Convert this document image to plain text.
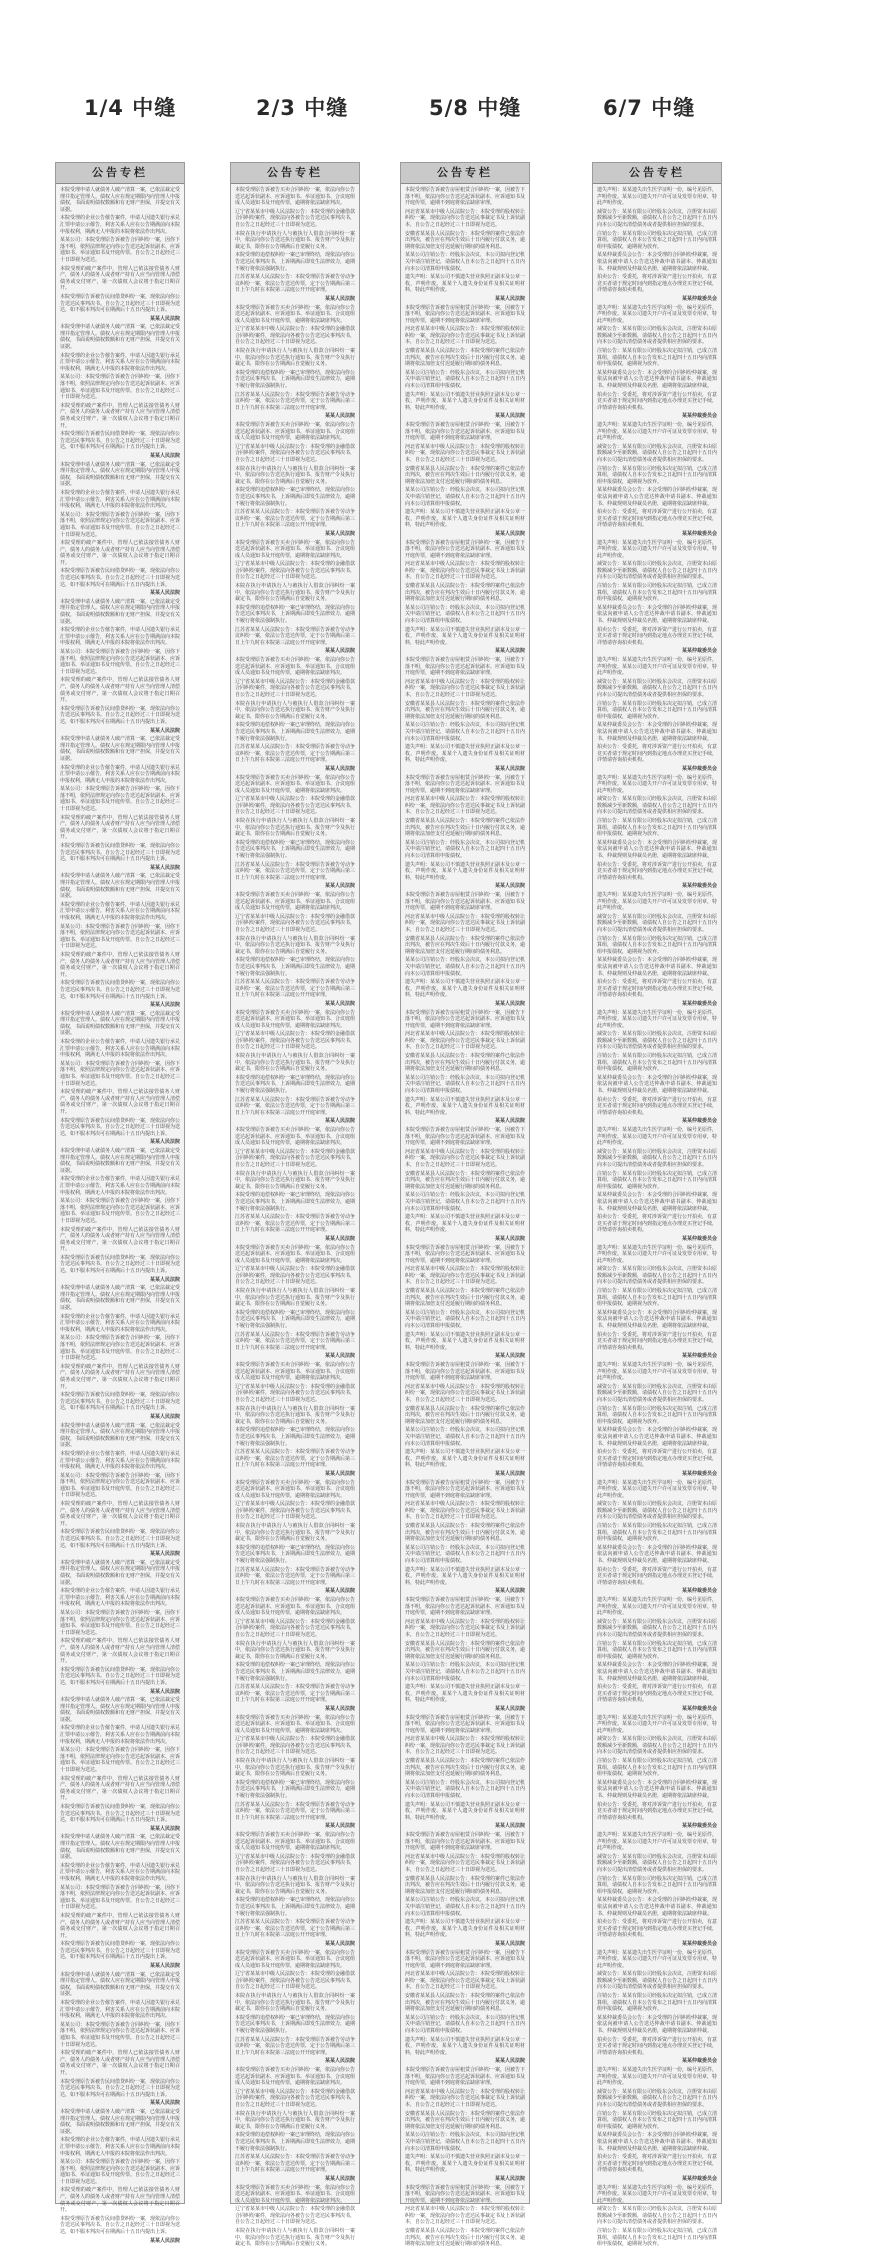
1/4 中缝	2/3 中缝	5/8 中缝	6/7 中缝
公告专栏

本院受理申请人就债务人破产清算一案，已依法裁定受理并指定管理人。债权人应在规定期限内向管理人申报债权，书面说明债权数额和有无财产担保，并提交有关证据。

本院受理的企业公告催告案件，申请人因遗失银行承兑汇票申请公示催告，利害关系人应在公告期满前向本院申报权利，期满无人申报的本院将依法作出判决。

某某公司：本院受理原告诉被告合同纠纷一案，因你下落不明，依照法律规定向你公告送达起诉状副本、应诉通知书、举证通知书及开庭传票。自公告之日起经过三十日即视为送达。

本院受理的破产案件中，管理人已依法接管债务人财产，债务人的债务人或者财产持有人应当向管理人清偿债务或交付财产，第一次债权人会议将于指定日期召开。

本院受理原告诉被告民间借贷纠纷一案，现依法向你公告送达民事判决书。自公告之日起经过三十日即视为送达，如不服本判决可在期满后十五日内提出上诉。

某某人民法院

本院受理申请人就债务人破产清算一案，已依法裁定受理并指定管理人。债权人应在规定期限内向管理人申报债权，书面说明债权数额和有无财产担保，并提交有关证据。

本院受理的企业公告催告案件，申请人因遗失银行承兑汇票申请公示催告，利害关系人应在公告期满前向本院申报权利，期满无人申报的本院将依法作出判决。

某某公司：本院受理原告诉被告合同纠纷一案，因你下落不明，依照法律规定向你公告送达起诉状副本、应诉通知书、举证通知书及开庭传票。自公告之日起经过三十日即视为送达。

本院受理的破产案件中，管理人已依法接管债务人财产，债务人的债务人或者财产持有人应当向管理人清偿债务或交付财产，第一次债权人会议将于指定日期召开。

本院受理原告诉被告民间借贷纠纷一案，现依法向你公告送达民事判决书。自公告之日起经过三十日即视为送达，如不服本判决可在期满后十五日内提出上诉。

某某人民法院

本院受理申请人就债务人破产清算一案，已依法裁定受理并指定管理人。债权人应在规定期限内向管理人申报债权，书面说明债权数额和有无财产担保，并提交有关证据。

本院受理的企业公告催告案件，申请人因遗失银行承兑汇票申请公示催告，利害关系人应在公告期满前向本院申报权利，期满无人申报的本院将依法作出判决。

某某公司：本院受理原告诉被告合同纠纷一案，因你下落不明，依照法律规定向你公告送达起诉状副本、应诉通知书、举证通知书及开庭传票。自公告之日起经过三十日即视为送达。

本院受理的破产案件中，管理人已依法接管债务人财产，债务人的债务人或者财产持有人应当向管理人清偿债务或交付财产，第一次债权人会议将于指定日期召开。

本院受理原告诉被告民间借贷纠纷一案，现依法向你公告送达民事判决书。自公告之日起经过三十日即视为送达，如不服本判决可在期满后十五日内提出上诉。

某某人民法院

本院受理申请人就债务人破产清算一案，已依法裁定受理并指定管理人。债权人应在规定期限内向管理人申报债权，书面说明债权数额和有无财产担保，并提交有关证据。

本院受理的企业公告催告案件，申请人因遗失银行承兑汇票申请公示催告，利害关系人应在公告期满前向本院申报权利，期满无人申报的本院将依法作出判决。

某某公司：本院受理原告诉被告合同纠纷一案，因你下落不明，依照法律规定向你公告送达起诉状副本、应诉通知书、举证通知书及开庭传票。自公告之日起经过三十日即视为送达。

本院受理的破产案件中，管理人已依法接管债务人财产，债务人的债务人或者财产持有人应当向管理人清偿债务或交付财产，第一次债权人会议将于指定日期召开。

本院受理原告诉被告民间借贷纠纷一案，现依法向你公告送达民事判决书。自公告之日起经过三十日即视为送达，如不服本判决可在期满后十五日内提出上诉。

某某人民法院

本院受理申请人就债务人破产清算一案，已依法裁定受理并指定管理人。债权人应在规定期限内向管理人申报债权，书面说明债权数额和有无财产担保，并提交有关证据。

本院受理的企业公告催告案件，申请人因遗失银行承兑汇票申请公示催告，利害关系人应在公告期满前向本院申报权利，期满无人申报的本院将依法作出判决。

某某公司：本院受理原告诉被告合同纠纷一案，因你下落不明，依照法律规定向你公告送达起诉状副本、应诉通知书、举证通知书及开庭传票。自公告之日起经过三十日即视为送达。

本院受理的破产案件中，管理人已依法接管债务人财产，债务人的债务人或者财产持有人应当向管理人清偿债务或交付财产，第一次债权人会议将于指定日期召开。

本院受理原告诉被告民间借贷纠纷一案，现依法向你公告送达民事判决书。自公告之日起经过三十日即视为送达，如不服本判决可在期满后十五日内提出上诉。

某某人民法院

本院受理申请人就债务人破产清算一案，已依法裁定受理并指定管理人。债权人应在规定期限内向管理人申报债权，书面说明债权数额和有无财产担保，并提交有关证据。

本院受理的企业公告催告案件，申请人因遗失银行承兑汇票申请公示催告，利害关系人应在公告期满前向本院申报权利，期满无人申报的本院将依法作出判决。

某某公司：本院受理原告诉被告合同纠纷一案，因你下落不明，依照法律规定向你公告送达起诉状副本、应诉通知书、举证通知书及开庭传票。自公告之日起经过三十日即视为送达。

本院受理的破产案件中，管理人已依法接管债务人财产，债务人的债务人或者财产持有人应当向管理人清偿债务或交付财产，第一次债权人会议将于指定日期召开。

本院受理原告诉被告民间借贷纠纷一案，现依法向你公告送达民事判决书。自公告之日起经过三十日即视为送达，如不服本判决可在期满后十五日内提出上诉。

某某人民法院

本院受理申请人就债务人破产清算一案，已依法裁定受理并指定管理人。债权人应在规定期限内向管理人申报债权，书面说明债权数额和有无财产担保，并提交有关证据。

本院受理的企业公告催告案件，申请人因遗失银行承兑汇票申请公示催告，利害关系人应在公告期满前向本院申报权利，期满无人申报的本院将依法作出判决。

某某公司：本院受理原告诉被告合同纠纷一案，因你下落不明，依照法律规定向你公告送达起诉状副本、应诉通知书、举证通知书及开庭传票。自公告之日起经过三十日即视为送达。

本院受理的破产案件中，管理人已依法接管债务人财产，债务人的债务人或者财产持有人应当向管理人清偿债务或交付财产，第一次债权人会议将于指定日期召开。

本院受理原告诉被告民间借贷纠纷一案，现依法向你公告送达民事判决书。自公告之日起经过三十日即视为送达，如不服本判决可在期满后十五日内提出上诉。

某某人民法院

本院受理申请人就债务人破产清算一案，已依法裁定受理并指定管理人。债权人应在规定期限内向管理人申报债权，书面说明债权数额和有无财产担保，并提交有关证据。

本院受理的企业公告催告案件，申请人因遗失银行承兑汇票申请公示催告，利害关系人应在公告期满前向本院申报权利，期满无人申报的本院将依法作出判决。

某某公司：本院受理原告诉被告合同纠纷一案，因你下落不明，依照法律规定向你公告送达起诉状副本、应诉通知书、举证通知书及开庭传票。自公告之日起经过三十日即视为送达。

本院受理的破产案件中，管理人已依法接管债务人财产，债务人的债务人或者财产持有人应当向管理人清偿债务或交付财产，第一次债权人会议将于指定日期召开。

本院受理原告诉被告民间借贷纠纷一案，现依法向你公告送达民事判决书。自公告之日起经过三十日即视为送达，如不服本判决可在期满后十五日内提出上诉。

某某人民法院

本院受理申请人就债务人破产清算一案，已依法裁定受理并指定管理人。债权人应在规定期限内向管理人申报债权，书面说明债权数额和有无财产担保，并提交有关证据。

本院受理的企业公告催告案件，申请人因遗失银行承兑汇票申请公示催告，利害关系人应在公告期满前向本院申报权利，期满无人申报的本院将依法作出判决。

某某公司：本院受理原告诉被告合同纠纷一案，因你下落不明，依照法律规定向你公告送达起诉状副本、应诉通知书、举证通知书及开庭传票。自公告之日起经过三十日即视为送达。

本院受理的破产案件中，管理人已依法接管债务人财产，债务人的债务人或者财产持有人应当向管理人清偿债务或交付财产，第一次债权人会议将于指定日期召开。

本院受理原告诉被告民间借贷纠纷一案，现依法向你公告送达民事判决书。自公告之日起经过三十日即视为送达，如不服本判决可在期满后十五日内提出上诉。

某某人民法院

本院受理申请人就债务人破产清算一案，已依法裁定受理并指定管理人。债权人应在规定期限内向管理人申报债权，书面说明债权数额和有无财产担保，并提交有关证据。

本院受理的企业公告催告案件，申请人因遗失银行承兑汇票申请公示催告，利害关系人应在公告期满前向本院申报权利，期满无人申报的本院将依法作出判决。

某某公司：本院受理原告诉被告合同纠纷一案，因你下落不明，依照法律规定向你公告送达起诉状副本、应诉通知书、举证通知书及开庭传票。自公告之日起经过三十日即视为送达。

本院受理的破产案件中，管理人已依法接管债务人财产，债务人的债务人或者财产持有人应当向管理人清偿债务或交付财产，第一次债权人会议将于指定日期召开。

本院受理原告诉被告民间借贷纠纷一案，现依法向你公告送达民事判决书。自公告之日起经过三十日即视为送达，如不服本判决可在期满后十五日内提出上诉。

某某人民法院

本院受理申请人就债务人破产清算一案，已依法裁定受理并指定管理人。债权人应在规定期限内向管理人申报债权，书面说明债权数额和有无财产担保，并提交有关证据。

本院受理的企业公告催告案件，申请人因遗失银行承兑汇票申请公示催告，利害关系人应在公告期满前向本院申报权利，期满无人申报的本院将依法作出判决。

某某公司：本院受理原告诉被告合同纠纷一案，因你下落不明，依照法律规定向你公告送达起诉状副本、应诉通知书、举证通知书及开庭传票。自公告之日起经过三十日即视为送达。

本院受理的破产案件中，管理人已依法接管债务人财产，债务人的债务人或者财产持有人应当向管理人清偿债务或交付财产，第一次债权人会议将于指定日期召开。

本院受理原告诉被告民间借贷纠纷一案，现依法向你公告送达民事判决书。自公告之日起经过三十日即视为送达，如不服本判决可在期满后十五日内提出上诉。

某某人民法院

本院受理申请人就债务人破产清算一案，已依法裁定受理并指定管理人。债权人应在规定期限内向管理人申报债权，书面说明债权数额和有无财产担保，并提交有关证据。

本院受理的企业公告催告案件，申请人因遗失银行承兑汇票申请公示催告，利害关系人应在公告期满前向本院申报权利，期满无人申报的本院将依法作出判决。

某某公司：本院受理原告诉被告合同纠纷一案，因你下落不明，依照法律规定向你公告送达起诉状副本、应诉通知书、举证通知书及开庭传票。自公告之日起经过三十日即视为送达。

本院受理的破产案件中，管理人已依法接管债务人财产，债务人的债务人或者财产持有人应当向管理人清偿债务或交付财产，第一次债权人会议将于指定日期召开。

本院受理原告诉被告民间借贷纠纷一案，现依法向你公告送达民事判决书。自公告之日起经过三十日即视为送达，如不服本判决可在期满后十五日内提出上诉。

某某人民法院

本院受理申请人就债务人破产清算一案，已依法裁定受理并指定管理人。债权人应在规定期限内向管理人申报债权，书面说明债权数额和有无财产担保，并提交有关证据。

本院受理的企业公告催告案件，申请人因遗失银行承兑汇票申请公示催告，利害关系人应在公告期满前向本院申报权利，期满无人申报的本院将依法作出判决。

某某公司：本院受理原告诉被告合同纠纷一案，因你下落不明，依照法律规定向你公告送达起诉状副本、应诉通知书、举证通知书及开庭传票。自公告之日起经过三十日即视为送达。

本院受理的破产案件中，管理人已依法接管债务人财产，债务人的债务人或者财产持有人应当向管理人清偿债务或交付财产，第一次债权人会议将于指定日期召开。

本院受理原告诉被告民间借贷纠纷一案，现依法向你公告送达民事判决书。自公告之日起经过三十日即视为送达，如不服本判决可在期满后十五日内提出上诉。

某某人民法院

本院受理申请人就债务人破产清算一案，已依法裁定受理并指定管理人。债权人应在规定期限内向管理人申报债权，书面说明债权数额和有无财产担保，并提交有关证据。

本院受理的企业公告催告案件，申请人因遗失银行承兑汇票申请公示催告，利害关系人应在公告期满前向本院申报权利，期满无人申报的本院将依法作出判决。

某某公司：本院受理原告诉被告合同纠纷一案，因你下落不明，依照法律规定向你公告送达起诉状副本、应诉通知书、举证通知书及开庭传票。自公告之日起经过三十日即视为送达。

本院受理的破产案件中，管理人已依法接管债务人财产，债务人的债务人或者财产持有人应当向管理人清偿债务或交付财产，第一次债权人会议将于指定日期召开。

本院受理原告诉被告民间借贷纠纷一案，现依法向你公告送达民事判决书。自公告之日起经过三十日即视为送达，如不服本判决可在期满后十五日内提出上诉。

某某人民法院

本院受理申请人就债务人破产清算一案，已依法裁定受理并指定管理人。债权人应在规定期限内向管理人申报债权，书面说明债权数额和有无财产担保，并提交有关证据。

本院受理的企业公告催告案件，申请人因遗失银行承兑汇票申请公示催告，利害关系人应在公告期满前向本院申报权利，期满无人申报的本院将依法作出判决。

某某公司：本院受理原告诉被告合同纠纷一案，因你下落不明，依照法律规定向你公告送达起诉状副本、应诉通知书、举证通知书及开庭传票。自公告之日起经过三十日即视为送达。

本院受理的破产案件中，管理人已依法接管债务人财产，债务人的债务人或者财产持有人应当向管理人清偿债务或交付财产，第一次债权人会议将于指定日期召开。

本院受理原告诉被告民间借贷纠纷一案，现依法向你公告送达民事判决书。自公告之日起经过三十日即视为送达，如不服本判决可在期满后十五日内提出上诉。

某某人民法院

公告专栏

本院受理原告诉被告买卖合同纠纷一案，依法向你公告送达起诉状副本、应诉通知书、举证通知书、合议庭组成人员通知书及开庭传票，逾期将依法缺席判决。

辽宁省某某市中级人民法院公告：本院受理的金融借款合同纠纷案件，现依法向各被告公告送达民事判决书，自公告之日起经过三十日即视为送达。

本院在执行申请执行人与被执行人借款合同纠纷一案中，依法向你公告送达执行通知书、报告财产令及执行裁定书，限你在公告期满后自觉履行义务。

本院受理的追偿权纠纷一案已审理终结，现依法向你公告送达民事判决书，上诉期满后即发生法律效力，逾期不履行将依法强制执行。

江苏省某某人民法院公告：本院受理原告诉被告劳动争议纠纷一案，依法公告送达传票，定于公告期满后第三日上午九时在本院第三法庭公开开庭审理。

某某人民法院

本院受理原告诉被告买卖合同纠纷一案，依法向你公告送达起诉状副本、应诉通知书、举证通知书、合议庭组成人员通知书及开庭传票，逾期将依法缺席判决。

辽宁省某某市中级人民法院公告：本院受理的金融借款合同纠纷案件，现依法向各被告公告送达民事判决书，自公告之日起经过三十日即视为送达。

本院在执行申请执行人与被执行人借款合同纠纷一案中，依法向你公告送达执行通知书、报告财产令及执行裁定书，限你在公告期满后自觉履行义务。

本院受理的追偿权纠纷一案已审理终结，现依法向你公告送达民事判决书，上诉期满后即发生法律效力，逾期不履行将依法强制执行。

江苏省某某人民法院公告：本院受理原告诉被告劳动争议纠纷一案，依法公告送达传票，定于公告期满后第三日上午九时在本院第三法庭公开开庭审理。

某某人民法院

本院受理原告诉被告买卖合同纠纷一案，依法向你公告送达起诉状副本、应诉通知书、举证通知书、合议庭组成人员通知书及开庭传票，逾期将依法缺席判决。

辽宁省某某市中级人民法院公告：本院受理的金融借款合同纠纷案件，现依法向各被告公告送达民事判决书，自公告之日起经过三十日即视为送达。

本院在执行申请执行人与被执行人借款合同纠纷一案中，依法向你公告送达执行通知书、报告财产令及执行裁定书，限你在公告期满后自觉履行义务。

本院受理的追偿权纠纷一案已审理终结，现依法向你公告送达民事判决书，上诉期满后即发生法律效力，逾期不履行将依法强制执行。

江苏省某某人民法院公告：本院受理原告诉被告劳动争议纠纷一案，依法公告送达传票，定于公告期满后第三日上午九时在本院第三法庭公开开庭审理。

某某人民法院

本院受理原告诉被告买卖合同纠纷一案，依法向你公告送达起诉状副本、应诉通知书、举证通知书、合议庭组成人员通知书及开庭传票，逾期将依法缺席判决。

辽宁省某某市中级人民法院公告：本院受理的金融借款合同纠纷案件，现依法向各被告公告送达民事判决书，自公告之日起经过三十日即视为送达。

本院在执行申请执行人与被执行人借款合同纠纷一案中，依法向你公告送达执行通知书、报告财产令及执行裁定书，限你在公告期满后自觉履行义务。

本院受理的追偿权纠纷一案已审理终结，现依法向你公告送达民事判决书，上诉期满后即发生法律效力，逾期不履行将依法强制执行。

江苏省某某人民法院公告：本院受理原告诉被告劳动争议纠纷一案，依法公告送达传票，定于公告期满后第三日上午九时在本院第三法庭公开开庭审理。

某某人民法院

本院受理原告诉被告买卖合同纠纷一案，依法向你公告送达起诉状副本、应诉通知书、举证通知书、合议庭组成人员通知书及开庭传票，逾期将依法缺席判决。

辽宁省某某市中级人民法院公告：本院受理的金融借款合同纠纷案件，现依法向各被告公告送达民事判决书，自公告之日起经过三十日即视为送达。

本院在执行申请执行人与被执行人借款合同纠纷一案中，依法向你公告送达执行通知书、报告财产令及执行裁定书，限你在公告期满后自觉履行义务。

本院受理的追偿权纠纷一案已审理终结，现依法向你公告送达民事判决书，上诉期满后即发生法律效力，逾期不履行将依法强制执行。

江苏省某某人民法院公告：本院受理原告诉被告劳动争议纠纷一案，依法公告送达传票，定于公告期满后第三日上午九时在本院第三法庭公开开庭审理。

某某人民法院

本院受理原告诉被告买卖合同纠纷一案，依法向你公告送达起诉状副本、应诉通知书、举证通知书、合议庭组成人员通知书及开庭传票，逾期将依法缺席判决。

辽宁省某某市中级人民法院公告：本院受理的金融借款合同纠纷案件，现依法向各被告公告送达民事判决书，自公告之日起经过三十日即视为送达。

本院在执行申请执行人与被执行人借款合同纠纷一案中，依法向你公告送达执行通知书、报告财产令及执行裁定书，限你在公告期满后自觉履行义务。

本院受理的追偿权纠纷一案已审理终结，现依法向你公告送达民事判决书，上诉期满后即发生法律效力，逾期不履行将依法强制执行。

江苏省某某人民法院公告：本院受理原告诉被告劳动争议纠纷一案，依法公告送达传票，定于公告期满后第三日上午九时在本院第三法庭公开开庭审理。

某某人民法院

本院受理原告诉被告买卖合同纠纷一案，依法向你公告送达起诉状副本、应诉通知书、举证通知书、合议庭组成人员通知书及开庭传票，逾期将依法缺席判决。

辽宁省某某市中级人民法院公告：本院受理的金融借款合同纠纷案件，现依法向各被告公告送达民事判决书，自公告之日起经过三十日即视为送达。

本院在执行申请执行人与被执行人借款合同纠纷一案中，依法向你公告送达执行通知书、报告财产令及执行裁定书，限你在公告期满后自觉履行义务。

本院受理的追偿权纠纷一案已审理终结，现依法向你公告送达民事判决书，上诉期满后即发生法律效力，逾期不履行将依法强制执行。

江苏省某某人民法院公告：本院受理原告诉被告劳动争议纠纷一案，依法公告送达传票，定于公告期满后第三日上午九时在本院第三法庭公开开庭审理。

某某人民法院

本院受理原告诉被告买卖合同纠纷一案，依法向你公告送达起诉状副本、应诉通知书、举证通知书、合议庭组成人员通知书及开庭传票，逾期将依法缺席判决。

辽宁省某某市中级人民法院公告：本院受理的金融借款合同纠纷案件，现依法向各被告公告送达民事判决书，自公告之日起经过三十日即视为送达。

本院在执行申请执行人与被执行人借款合同纠纷一案中，依法向你公告送达执行通知书、报告财产令及执行裁定书，限你在公告期满后自觉履行义务。

本院受理的追偿权纠纷一案已审理终结，现依法向你公告送达民事判决书，上诉期满后即发生法律效力，逾期不履行将依法强制执行。

江苏省某某人民法院公告：本院受理原告诉被告劳动争议纠纷一案，依法公告送达传票，定于公告期满后第三日上午九时在本院第三法庭公开开庭审理。

某某人民法院

本院受理原告诉被告买卖合同纠纷一案，依法向你公告送达起诉状副本、应诉通知书、举证通知书、合议庭组成人员通知书及开庭传票，逾期将依法缺席判决。

辽宁省某某市中级人民法院公告：本院受理的金融借款合同纠纷案件，现依法向各被告公告送达民事判决书，自公告之日起经过三十日即视为送达。

本院在执行申请执行人与被执行人借款合同纠纷一案中，依法向你公告送达执行通知书、报告财产令及执行裁定书，限你在公告期满后自觉履行义务。

本院受理的追偿权纠纷一案已审理终结，现依法向你公告送达民事判决书，上诉期满后即发生法律效力，逾期不履行将依法强制执行。

江苏省某某人民法院公告：本院受理原告诉被告劳动争议纠纷一案，依法公告送达传票，定于公告期满后第三日上午九时在本院第三法庭公开开庭审理。

某某人民法院

本院受理原告诉被告买卖合同纠纷一案，依法向你公告送达起诉状副本、应诉通知书、举证通知书、合议庭组成人员通知书及开庭传票，逾期将依法缺席判决。

辽宁省某某市中级人民法院公告：本院受理的金融借款合同纠纷案件，现依法向各被告公告送达民事判决书，自公告之日起经过三十日即视为送达。

本院在执行申请执行人与被执行人借款合同纠纷一案中，依法向你公告送达执行通知书、报告财产令及执行裁定书，限你在公告期满后自觉履行义务。

本院受理的追偿权纠纷一案已审理终结，现依法向你公告送达民事判决书，上诉期满后即发生法律效力，逾期不履行将依法强制执行。

江苏省某某人民法院公告：本院受理原告诉被告劳动争议纠纷一案，依法公告送达传票，定于公告期满后第三日上午九时在本院第三法庭公开开庭审理。

某某人民法院

本院受理原告诉被告买卖合同纠纷一案，依法向你公告送达起诉状副本、应诉通知书、举证通知书、合议庭组成人员通知书及开庭传票，逾期将依法缺席判决。

辽宁省某某市中级人民法院公告：本院受理的金融借款合同纠纷案件，现依法向各被告公告送达民事判决书，自公告之日起经过三十日即视为送达。

本院在执行申请执行人与被执行人借款合同纠纷一案中，依法向你公告送达执行通知书、报告财产令及执行裁定书，限你在公告期满后自觉履行义务。

本院受理的追偿权纠纷一案已审理终结，现依法向你公告送达民事判决书，上诉期满后即发生法律效力，逾期不履行将依法强制执行。

江苏省某某人民法院公告：本院受理原告诉被告劳动争议纠纷一案，依法公告送达传票，定于公告期满后第三日上午九时在本院第三法庭公开开庭审理。

某某人民法院

本院受理原告诉被告买卖合同纠纷一案，依法向你公告送达起诉状副本、应诉通知书、举证通知书、合议庭组成人员通知书及开庭传票，逾期将依法缺席判决。

辽宁省某某市中级人民法院公告：本院受理的金融借款合同纠纷案件，现依法向各被告公告送达民事判决书，自公告之日起经过三十日即视为送达。

本院在执行申请执行人与被执行人借款合同纠纷一案中，依法向你公告送达执行通知书、报告财产令及执行裁定书，限你在公告期满后自觉履行义务。

本院受理的追偿权纠纷一案已审理终结，现依法向你公告送达民事判决书，上诉期满后即发生法律效力，逾期不履行将依法强制执行。

江苏省某某人民法院公告：本院受理原告诉被告劳动争议纠纷一案，依法公告送达传票，定于公告期满后第三日上午九时在本院第三法庭公开开庭审理。

某某人民法院

本院受理原告诉被告买卖合同纠纷一案，依法向你公告送达起诉状副本、应诉通知书、举证通知书、合议庭组成人员通知书及开庭传票，逾期将依法缺席判决。

辽宁省某某市中级人民法院公告：本院受理的金融借款合同纠纷案件，现依法向各被告公告送达民事判决书，自公告之日起经过三十日即视为送达。

本院在执行申请执行人与被执行人借款合同纠纷一案中，依法向你公告送达执行通知书、报告财产令及执行裁定书，限你在公告期满后自觉履行义务。

本院受理的追偿权纠纷一案已审理终结，现依法向你公告送达民事判决书，上诉期满后即发生法律效力，逾期不履行将依法强制执行。

江苏省某某人民法院公告：本院受理原告诉被告劳动争议纠纷一案，依法公告送达传票，定于公告期满后第三日上午九时在本院第三法庭公开开庭审理。

某某人民法院

本院受理原告诉被告买卖合同纠纷一案，依法向你公告送达起诉状副本、应诉通知书、举证通知书、合议庭组成人员通知书及开庭传票，逾期将依法缺席判决。

辽宁省某某市中级人民法院公告：本院受理的金融借款合同纠纷案件，现依法向各被告公告送达民事判决书，自公告之日起经过三十日即视为送达。

本院在执行申请执行人与被执行人借款合同纠纷一案中，依法向你公告送达执行通知书、报告财产令及执行裁定书，限你在公告期满后自觉履行义务。

本院受理的追偿权纠纷一案已审理终结，现依法向你公告送达民事判决书，上诉期满后即发生法律效力，逾期不履行将依法强制执行。

江苏省某某人民法院公告：本院受理原告诉被告劳动争议纠纷一案，依法公告送达传票，定于公告期满后第三日上午九时在本院第三法庭公开开庭审理。

某某人民法院

本院受理原告诉被告买卖合同纠纷一案，依法向你公告送达起诉状副本、应诉通知书、举证通知书、合议庭组成人员通知书及开庭传票，逾期将依法缺席判决。

辽宁省某某市中级人民法院公告：本院受理的金融借款合同纠纷案件，现依法向各被告公告送达民事判决书，自公告之日起经过三十日即视为送达。

本院在执行申请执行人与被执行人借款合同纠纷一案中，依法向你公告送达执行通知书、报告财产令及执行裁定书，限你在公告期满后自觉履行义务。

本院受理的追偿权纠纷一案已审理终结，现依法向你公告送达民事判决书，上诉期满后即发生法律效力，逾期不履行将依法强制执行。

江苏省某某人民法院公告：本院受理原告诉被告劳动争议纠纷一案，依法公告送达传票，定于公告期满后第三日上午九时在本院第三法庭公开开庭审理。

某某人民法院

本院受理原告诉被告买卖合同纠纷一案，依法向你公告送达起诉状副本、应诉通知书、举证通知书、合议庭组成人员通知书及开庭传票，逾期将依法缺席判决。

辽宁省某某市中级人民法院公告：本院受理的金融借款合同纠纷案件，现依法向各被告公告送达民事判决书，自公告之日起经过三十日即视为送达。

本院在执行申请执行人与被执行人借款合同纠纷一案中，依法向你公告送达执行通知书、报告财产令及执行裁定书，限你在公告期满后自觉履行义务。

本院受理的追偿权纠纷一案已审理终结，现依法向你公告送达民事判决书，上诉期满后即发生法律效力，逾期不履行将依法强制执行。

江苏省某某人民法院公告：本院受理原告诉被告劳动争议纠纷一案，依法公告送达传票，定于公告期满后第三日上午九时在本院第三法庭公开开庭审理。

某某人民法院

本院受理原告诉被告买卖合同纠纷一案，依法向你公告送达起诉状副本、应诉通知书、举证通知书、合议庭组成人员通知书及开庭传票，逾期将依法缺席判决。

辽宁省某某市中级人民法院公告：本院受理的金融借款合同纠纷案件，现依法向各被告公告送达民事判决书，自公告之日起经过三十日即视为送达。

本院在执行申请执行人与被执行人借款合同纠纷一案中，依法向你公告送达执行通知书、报告财产令及执行裁定书，限你在公告期满后自觉履行义务。

本院受理的追偿权纠纷一案已审理终结，现依法向你公告送达民事判决书，上诉期满后即发生法律效力，逾期不履行将依法强制执行。

江苏省某某人民法院公告：本院受理原告诉被告劳动争议纠纷一案，依法公告送达传票，定于公告期满后第三日上午九时在本院第三法庭公开开庭审理。

某某人民法院

本院受理原告诉被告买卖合同纠纷一案，依法向你公告送达起诉状副本、应诉通知书、举证通知书、合议庭组成人员通知书及开庭传票，逾期将依法缺席判决。

辽宁省某某市中级人民法院公告：本院受理的金融借款合同纠纷案件，现依法向各被告公告送达民事判决书，自公告之日起经过三十日即视为送达。

本院在执行申请执行人与被执行人借款合同纠纷一案中，依法向你公告送达执行通知书、报告财产令及执行裁定书，限你在公告期满后自觉履行义务。

公告专栏

本院受理原告诉被告房屋租赁合同纠纷一案，因被告下落不明，依法向你公告送达起诉状副本、应诉通知书及开庭传票，逾期不到庭将依法缺席审理。

河北省某某市中级人民法院公告：本院受理的股权转让纠纷一案，现依法向你公告送达民事裁定书及上诉状副本，自公告之日起经过三十日即视为送达。

安徽省某某县人民法院公告：本院受理的案件已依法作出判决，被告应在判决生效后十日内履行付款义务，逾期将依法加倍支付迟延履行期间的债务利息。

某某公司注销公告：经股东会决议，本公司拟向登记机关申请注销登记，请债权人自本公告之日起四十五日内向本公司清算组申报债权。

遗失声明：某某公司不慎遗失营业执照正副本及公章一枚，声明作废。某某个人遗失身份证件及相关证明材料，特此声明作废。

某某人民法院

本院受理原告诉被告房屋租赁合同纠纷一案，因被告下落不明，依法向你公告送达起诉状副本、应诉通知书及开庭传票，逾期不到庭将依法缺席审理。

河北省某某市中级人民法院公告：本院受理的股权转让纠纷一案，现依法向你公告送达民事裁定书及上诉状副本，自公告之日起经过三十日即视为送达。

安徽省某某县人民法院公告：本院受理的案件已依法作出判决，被告应在判决生效后十日内履行付款义务，逾期将依法加倍支付迟延履行期间的债务利息。

某某公司注销公告：经股东会决议，本公司拟向登记机关申请注销登记，请债权人自本公告之日起四十五日内向本公司清算组申报债权。

遗失声明：某某公司不慎遗失营业执照正副本及公章一枚，声明作废。某某个人遗失身份证件及相关证明材料，特此声明作废。

某某人民法院

本院受理原告诉被告房屋租赁合同纠纷一案，因被告下落不明，依法向你公告送达起诉状副本、应诉通知书及开庭传票，逾期不到庭将依法缺席审理。

河北省某某市中级人民法院公告：本院受理的股权转让纠纷一案，现依法向你公告送达民事裁定书及上诉状副本，自公告之日起经过三十日即视为送达。

安徽省某某县人民法院公告：本院受理的案件已依法作出判决，被告应在判决生效后十日内履行付款义务，逾期将依法加倍支付迟延履行期间的债务利息。

某某公司注销公告：经股东会决议，本公司拟向登记机关申请注销登记，请债权人自本公告之日起四十五日内向本公司清算组申报债权。

遗失声明：某某公司不慎遗失营业执照正副本及公章一枚，声明作废。某某个人遗失身份证件及相关证明材料，特此声明作废。

某某人民法院

本院受理原告诉被告房屋租赁合同纠纷一案，因被告下落不明，依法向你公告送达起诉状副本、应诉通知书及开庭传票，逾期不到庭将依法缺席审理。

河北省某某市中级人民法院公告：本院受理的股权转让纠纷一案，现依法向你公告送达民事裁定书及上诉状副本，自公告之日起经过三十日即视为送达。

安徽省某某县人民法院公告：本院受理的案件已依法作出判决，被告应在判决生效后十日内履行付款义务，逾期将依法加倍支付迟延履行期间的债务利息。

某某公司注销公告：经股东会决议，本公司拟向登记机关申请注销登记，请债权人自本公告之日起四十五日内向本公司清算组申报债权。

遗失声明：某某公司不慎遗失营业执照正副本及公章一枚，声明作废。某某个人遗失身份证件及相关证明材料，特此声明作废。

某某人民法院

本院受理原告诉被告房屋租赁合同纠纷一案，因被告下落不明，依法向你公告送达起诉状副本、应诉通知书及开庭传票，逾期不到庭将依法缺席审理。

河北省某某市中级人民法院公告：本院受理的股权转让纠纷一案，现依法向你公告送达民事裁定书及上诉状副本，自公告之日起经过三十日即视为送达。

安徽省某某县人民法院公告：本院受理的案件已依法作出判决，被告应在判决生效后十日内履行付款义务，逾期将依法加倍支付迟延履行期间的债务利息。

某某公司注销公告：经股东会决议，本公司拟向登记机关申请注销登记，请债权人自本公告之日起四十五日内向本公司清算组申报债权。

遗失声明：某某公司不慎遗失营业执照正副本及公章一枚，声明作废。某某个人遗失身份证件及相关证明材料，特此声明作废。

某某人民法院

本院受理原告诉被告房屋租赁合同纠纷一案，因被告下落不明，依法向你公告送达起诉状副本、应诉通知书及开庭传票，逾期不到庭将依法缺席审理。

河北省某某市中级人民法院公告：本院受理的股权转让纠纷一案，现依法向你公告送达民事裁定书及上诉状副本，自公告之日起经过三十日即视为送达。

安徽省某某县人民法院公告：本院受理的案件已依法作出判决，被告应在判决生效后十日内履行付款义务，逾期将依法加倍支付迟延履行期间的债务利息。

某某公司注销公告：经股东会决议，本公司拟向登记机关申请注销登记，请债权人自本公告之日起四十五日内向本公司清算组申报债权。

遗失声明：某某公司不慎遗失营业执照正副本及公章一枚，声明作废。某某个人遗失身份证件及相关证明材料，特此声明作废。

某某人民法院

本院受理原告诉被告房屋租赁合同纠纷一案，因被告下落不明，依法向你公告送达起诉状副本、应诉通知书及开庭传票，逾期不到庭将依法缺席审理。

河北省某某市中级人民法院公告：本院受理的股权转让纠纷一案，现依法向你公告送达民事裁定书及上诉状副本，自公告之日起经过三十日即视为送达。

安徽省某某县人民法院公告：本院受理的案件已依法作出判决，被告应在判决生效后十日内履行付款义务，逾期将依法加倍支付迟延履行期间的债务利息。

某某公司注销公告：经股东会决议，本公司拟向登记机关申请注销登记，请债权人自本公告之日起四十五日内向本公司清算组申报债权。

遗失声明：某某公司不慎遗失营业执照正副本及公章一枚，声明作废。某某个人遗失身份证件及相关证明材料，特此声明作废。

某某人民法院

本院受理原告诉被告房屋租赁合同纠纷一案，因被告下落不明，依法向你公告送达起诉状副本、应诉通知书及开庭传票，逾期不到庭将依法缺席审理。

河北省某某市中级人民法院公告：本院受理的股权转让纠纷一案，现依法向你公告送达民事裁定书及上诉状副本，自公告之日起经过三十日即视为送达。

安徽省某某县人民法院公告：本院受理的案件已依法作出判决，被告应在判决生效后十日内履行付款义务，逾期将依法加倍支付迟延履行期间的债务利息。

某某公司注销公告：经股东会决议，本公司拟向登记机关申请注销登记，请债权人自本公告之日起四十五日内向本公司清算组申报债权。

遗失声明：某某公司不慎遗失营业执照正副本及公章一枚，声明作废。某某个人遗失身份证件及相关证明材料，特此声明作废。

某某人民法院

本院受理原告诉被告房屋租赁合同纠纷一案，因被告下落不明，依法向你公告送达起诉状副本、应诉通知书及开庭传票，逾期不到庭将依法缺席审理。

河北省某某市中级人民法院公告：本院受理的股权转让纠纷一案，现依法向你公告送达民事裁定书及上诉状副本，自公告之日起经过三十日即视为送达。

安徽省某某县人民法院公告：本院受理的案件已依法作出判决，被告应在判决生效后十日内履行付款义务，逾期将依法加倍支付迟延履行期间的债务利息。

某某公司注销公告：经股东会决议，本公司拟向登记机关申请注销登记，请债权人自本公告之日起四十五日内向本公司清算组申报债权。

遗失声明：某某公司不慎遗失营业执照正副本及公章一枚，声明作废。某某个人遗失身份证件及相关证明材料，特此声明作废。

某某人民法院

本院受理原告诉被告房屋租赁合同纠纷一案，因被告下落不明，依法向你公告送达起诉状副本、应诉通知书及开庭传票，逾期不到庭将依法缺席审理。

河北省某某市中级人民法院公告：本院受理的股权转让纠纷一案，现依法向你公告送达民事裁定书及上诉状副本，自公告之日起经过三十日即视为送达。

安徽省某某县人民法院公告：本院受理的案件已依法作出判决，被告应在判决生效后十日内履行付款义务，逾期将依法加倍支付迟延履行期间的债务利息。

某某公司注销公告：经股东会决议，本公司拟向登记机关申请注销登记，请债权人自本公告之日起四十五日内向本公司清算组申报债权。

遗失声明：某某公司不慎遗失营业执照正副本及公章一枚，声明作废。某某个人遗失身份证件及相关证明材料，特此声明作废。

某某人民法院

本院受理原告诉被告房屋租赁合同纠纷一案，因被告下落不明，依法向你公告送达起诉状副本、应诉通知书及开庭传票，逾期不到庭将依法缺席审理。

河北省某某市中级人民法院公告：本院受理的股权转让纠纷一案，现依法向你公告送达民事裁定书及上诉状副本，自公告之日起经过三十日即视为送达。

安徽省某某县人民法院公告：本院受理的案件已依法作出判决，被告应在判决生效后十日内履行付款义务，逾期将依法加倍支付迟延履行期间的债务利息。

某某公司注销公告：经股东会决议，本公司拟向登记机关申请注销登记，请债权人自本公告之日起四十五日内向本公司清算组申报债权。

遗失声明：某某公司不慎遗失营业执照正副本及公章一枚，声明作废。某某个人遗失身份证件及相关证明材料，特此声明作废。

某某人民法院

本院受理原告诉被告房屋租赁合同纠纷一案，因被告下落不明，依法向你公告送达起诉状副本、应诉通知书及开庭传票，逾期不到庭将依法缺席审理。

河北省某某市中级人民法院公告：本院受理的股权转让纠纷一案，现依法向你公告送达民事裁定书及上诉状副本，自公告之日起经过三十日即视为送达。

安徽省某某县人民法院公告：本院受理的案件已依法作出判决，被告应在判决生效后十日内履行付款义务，逾期将依法加倍支付迟延履行期间的债务利息。

某某公司注销公告：经股东会决议，本公司拟向登记机关申请注销登记，请债权人自本公告之日起四十五日内向本公司清算组申报债权。

遗失声明：某某公司不慎遗失营业执照正副本及公章一枚，声明作废。某某个人遗失身份证件及相关证明材料，特此声明作废。

某某人民法院

本院受理原告诉被告房屋租赁合同纠纷一案，因被告下落不明，依法向你公告送达起诉状副本、应诉通知书及开庭传票，逾期不到庭将依法缺席审理。

河北省某某市中级人民法院公告：本院受理的股权转让纠纷一案，现依法向你公告送达民事裁定书及上诉状副本，自公告之日起经过三十日即视为送达。

安徽省某某县人民法院公告：本院受理的案件已依法作出判决，被告应在判决生效后十日内履行付款义务，逾期将依法加倍支付迟延履行期间的债务利息。

某某公司注销公告：经股东会决议，本公司拟向登记机关申请注销登记，请债权人自本公告之日起四十五日内向本公司清算组申报债权。

遗失声明：某某公司不慎遗失营业执照正副本及公章一枚，声明作废。某某个人遗失身份证件及相关证明材料，特此声明作废。

某某人民法院

本院受理原告诉被告房屋租赁合同纠纷一案，因被告下落不明，依法向你公告送达起诉状副本、应诉通知书及开庭传票，逾期不到庭将依法缺席审理。

河北省某某市中级人民法院公告：本院受理的股权转让纠纷一案，现依法向你公告送达民事裁定书及上诉状副本，自公告之日起经过三十日即视为送达。

安徽省某某县人民法院公告：本院受理的案件已依法作出判决，被告应在判决生效后十日内履行付款义务，逾期将依法加倍支付迟延履行期间的债务利息。

某某公司注销公告：经股东会决议，本公司拟向登记机关申请注销登记，请债权人自本公告之日起四十五日内向本公司清算组申报债权。

遗失声明：某某公司不慎遗失营业执照正副本及公章一枚，声明作废。某某个人遗失身份证件及相关证明材料，特此声明作废。

某某人民法院

本院受理原告诉被告房屋租赁合同纠纷一案，因被告下落不明，依法向你公告送达起诉状副本、应诉通知书及开庭传票，逾期不到庭将依法缺席审理。

河北省某某市中级人民法院公告：本院受理的股权转让纠纷一案，现依法向你公告送达民事裁定书及上诉状副本，自公告之日起经过三十日即视为送达。

安徽省某某县人民法院公告：本院受理的案件已依法作出判决，被告应在判决生效后十日内履行付款义务，逾期将依法加倍支付迟延履行期间的债务利息。

某某公司注销公告：经股东会决议，本公司拟向登记机关申请注销登记，请债权人自本公告之日起四十五日内向本公司清算组申报债权。

遗失声明：某某公司不慎遗失营业执照正副本及公章一枚，声明作废。某某个人遗失身份证件及相关证明材料，特此声明作废。

某某人民法院

本院受理原告诉被告房屋租赁合同纠纷一案，因被告下落不明，依法向你公告送达起诉状副本、应诉通知书及开庭传票，逾期不到庭将依法缺席审理。

河北省某某市中级人民法院公告：本院受理的股权转让纠纷一案，现依法向你公告送达民事裁定书及上诉状副本，自公告之日起经过三十日即视为送达。

安徽省某某县人民法院公告：本院受理的案件已依法作出判决，被告应在判决生效后十日内履行付款义务，逾期将依法加倍支付迟延履行期间的债务利息。

某某公司注销公告：经股东会决议，本公司拟向登记机关申请注销登记，请债权人自本公告之日起四十五日内向本公司清算组申报债权。

遗失声明：某某公司不慎遗失营业执照正副本及公章一枚，声明作废。某某个人遗失身份证件及相关证明材料，特此声明作废。

某某人民法院

本院受理原告诉被告房屋租赁合同纠纷一案，因被告下落不明，依法向你公告送达起诉状副本、应诉通知书及开庭传票，逾期不到庭将依法缺席审理。

河北省某某市中级人民法院公告：本院受理的股权转让纠纷一案，现依法向你公告送达民事裁定书及上诉状副本，自公告之日起经过三十日即视为送达。

安徽省某某县人民法院公告：本院受理的案件已依法作出判决，被告应在判决生效后十日内履行付款义务，逾期将依法加倍支付迟延履行期间的债务利息。

某某公司注销公告：经股东会决议，本公司拟向登记机关申请注销登记，请债权人自本公告之日起四十五日内向本公司清算组申报债权。

遗失声明：某某公司不慎遗失营业执照正副本及公章一枚，声明作废。某某个人遗失身份证件及相关证明材料，特此声明作废。

某某人民法院

本院受理原告诉被告房屋租赁合同纠纷一案，因被告下落不明，依法向你公告送达起诉状副本、应诉通知书及开庭传票，逾期不到庭将依法缺席审理。

河北省某某市中级人民法院公告：本院受理的股权转让纠纷一案，现依法向你公告送达民事裁定书及上诉状副本，自公告之日起经过三十日即视为送达。

安徽省某某县人民法院公告：本院受理的案件已依法作出判决，被告应在判决生效后十日内履行付款义务，逾期将依法加倍支付迟延履行期间的债务利息。

公告专栏

遗失声明：某某遗失出生医学证明一份，编号见原件，声明作废。某某公司遗失开户许可证及发票专用章，特此声明作废。

减资公告：某某有限公司经股东会决议，注册资本由原数额减少至新数额，请债权人自公告之日起四十五日内向本公司提出清偿债务或者提供相应担保的要求。

注销公告：某某有限公司经股东决定拟注销，已成立清算组，请债权人自本公告发布之日起四十五日内向清算组申报债权，逾期视为放弃。

某某仲裁委员会公告：本会受理的合同纠纷仲裁案，现依法向被申请人公告送达仲裁申请书副本、仲裁通知书、仲裁规则及仲裁员名册，逾期将依法缺席仲裁。

拍卖公告：受委托，将对涉诉资产进行公开拍卖，有意竞买者请于规定时间内到指定地点办理竞买登记手续，详情请咨询拍卖机构。

某某仲裁委员会

遗失声明：某某遗失出生医学证明一份，编号见原件，声明作废。某某公司遗失开户许可证及发票专用章，特此声明作废。

减资公告：某某有限公司经股东会决议，注册资本由原数额减少至新数额，请债权人自公告之日起四十五日内向本公司提出清偿债务或者提供相应担保的要求。

注销公告：某某有限公司经股东决定拟注销，已成立清算组，请债权人自本公告发布之日起四十五日内向清算组申报债权，逾期视为放弃。

某某仲裁委员会公告：本会受理的合同纠纷仲裁案，现依法向被申请人公告送达仲裁申请书副本、仲裁通知书、仲裁规则及仲裁员名册，逾期将依法缺席仲裁。

拍卖公告：受委托，将对涉诉资产进行公开拍卖，有意竞买者请于规定时间内到指定地点办理竞买登记手续，详情请咨询拍卖机构。

某某仲裁委员会

遗失声明：某某遗失出生医学证明一份，编号见原件，声明作废。某某公司遗失开户许可证及发票专用章，特此声明作废。

减资公告：某某有限公司经股东会决议，注册资本由原数额减少至新数额，请债权人自公告之日起四十五日内向本公司提出清偿债务或者提供相应担保的要求。

注销公告：某某有限公司经股东决定拟注销，已成立清算组，请债权人自本公告发布之日起四十五日内向清算组申报债权，逾期视为放弃。

某某仲裁委员会公告：本会受理的合同纠纷仲裁案，现依法向被申请人公告送达仲裁申请书副本、仲裁通知书、仲裁规则及仲裁员名册，逾期将依法缺席仲裁。

拍卖公告：受委托，将对涉诉资产进行公开拍卖，有意竞买者请于规定时间内到指定地点办理竞买登记手续，详情请咨询拍卖机构。

某某仲裁委员会

遗失声明：某某遗失出生医学证明一份，编号见原件，声明作废。某某公司遗失开户许可证及发票专用章，特此声明作废。

减资公告：某某有限公司经股东会决议，注册资本由原数额减少至新数额，请债权人自公告之日起四十五日内向本公司提出清偿债务或者提供相应担保的要求。

注销公告：某某有限公司经股东决定拟注销，已成立清算组，请债权人自本公告发布之日起四十五日内向清算组申报债权，逾期视为放弃。

某某仲裁委员会公告：本会受理的合同纠纷仲裁案，现依法向被申请人公告送达仲裁申请书副本、仲裁通知书、仲裁规则及仲裁员名册，逾期将依法缺席仲裁。

拍卖公告：受委托，将对涉诉资产进行公开拍卖，有意竞买者请于规定时间内到指定地点办理竞买登记手续，详情请咨询拍卖机构。

某某仲裁委员会

遗失声明：某某遗失出生医学证明一份，编号见原件，声明作废。某某公司遗失开户许可证及发票专用章，特此声明作废。

减资公告：某某有限公司经股东会决议，注册资本由原数额减少至新数额，请债权人自公告之日起四十五日内向本公司提出清偿债务或者提供相应担保的要求。

注销公告：某某有限公司经股东决定拟注销，已成立清算组，请债权人自本公告发布之日起四十五日内向清算组申报债权，逾期视为放弃。

某某仲裁委员会公告：本会受理的合同纠纷仲裁案，现依法向被申请人公告送达仲裁申请书副本、仲裁通知书、仲裁规则及仲裁员名册，逾期将依法缺席仲裁。

拍卖公告：受委托，将对涉诉资产进行公开拍卖，有意竞买者请于规定时间内到指定地点办理竞买登记手续，详情请咨询拍卖机构。

某某仲裁委员会

遗失声明：某某遗失出生医学证明一份，编号见原件，声明作废。某某公司遗失开户许可证及发票专用章，特此声明作废。

减资公告：某某有限公司经股东会决议，注册资本由原数额减少至新数额，请债权人自公告之日起四十五日内向本公司提出清偿债务或者提供相应担保的要求。

注销公告：某某有限公司经股东决定拟注销，已成立清算组，请债权人自本公告发布之日起四十五日内向清算组申报债权，逾期视为放弃。

某某仲裁委员会公告：本会受理的合同纠纷仲裁案，现依法向被申请人公告送达仲裁申请书副本、仲裁通知书、仲裁规则及仲裁员名册，逾期将依法缺席仲裁。

拍卖公告：受委托，将对涉诉资产进行公开拍卖，有意竞买者请于规定时间内到指定地点办理竞买登记手续，详情请咨询拍卖机构。

某某仲裁委员会

遗失声明：某某遗失出生医学证明一份，编号见原件，声明作废。某某公司遗失开户许可证及发票专用章，特此声明作废。

减资公告：某某有限公司经股东会决议，注册资本由原数额减少至新数额，请债权人自公告之日起四十五日内向本公司提出清偿债务或者提供相应担保的要求。

注销公告：某某有限公司经股东决定拟注销，已成立清算组，请债权人自本公告发布之日起四十五日内向清算组申报债权，逾期视为放弃。

某某仲裁委员会公告：本会受理的合同纠纷仲裁案，现依法向被申请人公告送达仲裁申请书副本、仲裁通知书、仲裁规则及仲裁员名册，逾期将依法缺席仲裁。

拍卖公告：受委托，将对涉诉资产进行公开拍卖，有意竞买者请于规定时间内到指定地点办理竞买登记手续，详情请咨询拍卖机构。

某某仲裁委员会

遗失声明：某某遗失出生医学证明一份，编号见原件，声明作废。某某公司遗失开户许可证及发票专用章，特此声明作废。

减资公告：某某有限公司经股东会决议，注册资本由原数额减少至新数额，请债权人自公告之日起四十五日内向本公司提出清偿债务或者提供相应担保的要求。

注销公告：某某有限公司经股东决定拟注销，已成立清算组，请债权人自本公告发布之日起四十五日内向清算组申报债权，逾期视为放弃。

某某仲裁委员会公告：本会受理的合同纠纷仲裁案，现依法向被申请人公告送达仲裁申请书副本、仲裁通知书、仲裁规则及仲裁员名册，逾期将依法缺席仲裁。

拍卖公告：受委托，将对涉诉资产进行公开拍卖，有意竞买者请于规定时间内到指定地点办理竞买登记手续，详情请咨询拍卖机构。

某某仲裁委员会

遗失声明：某某遗失出生医学证明一份，编号见原件，声明作废。某某公司遗失开户许可证及发票专用章，特此声明作废。

减资公告：某某有限公司经股东会决议，注册资本由原数额减少至新数额，请债权人自公告之日起四十五日内向本公司提出清偿债务或者提供相应担保的要求。

注销公告：某某有限公司经股东决定拟注销，已成立清算组，请债权人自本公告发布之日起四十五日内向清算组申报债权，逾期视为放弃。

某某仲裁委员会公告：本会受理的合同纠纷仲裁案，现依法向被申请人公告送达仲裁申请书副本、仲裁通知书、仲裁规则及仲裁员名册，逾期将依法缺席仲裁。

拍卖公告：受委托，将对涉诉资产进行公开拍卖，有意竞买者请于规定时间内到指定地点办理竞买登记手续，详情请咨询拍卖机构。

某某仲裁委员会

遗失声明：某某遗失出生医学证明一份，编号见原件，声明作废。某某公司遗失开户许可证及发票专用章，特此声明作废。

减资公告：某某有限公司经股东会决议，注册资本由原数额减少至新数额，请债权人自公告之日起四十五日内向本公司提出清偿债务或者提供相应担保的要求。

注销公告：某某有限公司经股东决定拟注销，已成立清算组，请债权人自本公告发布之日起四十五日内向清算组申报债权，逾期视为放弃。

某某仲裁委员会公告：本会受理的合同纠纷仲裁案，现依法向被申请人公告送达仲裁申请书副本、仲裁通知书、仲裁规则及仲裁员名册，逾期将依法缺席仲裁。

拍卖公告：受委托，将对涉诉资产进行公开拍卖，有意竞买者请于规定时间内到指定地点办理竞买登记手续，详情请咨询拍卖机构。

某某仲裁委员会

遗失声明：某某遗失出生医学证明一份，编号见原件，声明作废。某某公司遗失开户许可证及发票专用章，特此声明作废。

减资公告：某某有限公司经股东会决议，注册资本由原数额减少至新数额，请债权人自公告之日起四十五日内向本公司提出清偿债务或者提供相应担保的要求。

注销公告：某某有限公司经股东决定拟注销，已成立清算组，请债权人自本公告发布之日起四十五日内向清算组申报债权，逾期视为放弃。

某某仲裁委员会公告：本会受理的合同纠纷仲裁案，现依法向被申请人公告送达仲裁申请书副本、仲裁通知书、仲裁规则及仲裁员名册，逾期将依法缺席仲裁。

拍卖公告：受委托，将对涉诉资产进行公开拍卖，有意竞买者请于规定时间内到指定地点办理竞买登记手续，详情请咨询拍卖机构。

某某仲裁委员会

遗失声明：某某遗失出生医学证明一份，编号见原件，声明作废。某某公司遗失开户许可证及发票专用章，特此声明作废。

减资公告：某某有限公司经股东会决议，注册资本由原数额减少至新数额，请债权人自公告之日起四十五日内向本公司提出清偿债务或者提供相应担保的要求。

注销公告：某某有限公司经股东决定拟注销，已成立清算组，请债权人自本公告发布之日起四十五日内向清算组申报债权，逾期视为放弃。

某某仲裁委员会公告：本会受理的合同纠纷仲裁案，现依法向被申请人公告送达仲裁申请书副本、仲裁通知书、仲裁规则及仲裁员名册，逾期将依法缺席仲裁。

拍卖公告：受委托，将对涉诉资产进行公开拍卖，有意竞买者请于规定时间内到指定地点办理竞买登记手续，详情请咨询拍卖机构。

某某仲裁委员会

遗失声明：某某遗失出生医学证明一份，编号见原件，声明作废。某某公司遗失开户许可证及发票专用章，特此声明作废。

减资公告：某某有限公司经股东会决议，注册资本由原数额减少至新数额，请债权人自公告之日起四十五日内向本公司提出清偿债务或者提供相应担保的要求。

注销公告：某某有限公司经股东决定拟注销，已成立清算组，请债权人自本公告发布之日起四十五日内向清算组申报债权，逾期视为放弃。

某某仲裁委员会公告：本会受理的合同纠纷仲裁案，现依法向被申请人公告送达仲裁申请书副本、仲裁通知书、仲裁规则及仲裁员名册，逾期将依法缺席仲裁。

拍卖公告：受委托，将对涉诉资产进行公开拍卖，有意竞买者请于规定时间内到指定地点办理竞买登记手续，详情请咨询拍卖机构。

某某仲裁委员会

遗失声明：某某遗失出生医学证明一份，编号见原件，声明作废。某某公司遗失开户许可证及发票专用章，特此声明作废。

减资公告：某某有限公司经股东会决议，注册资本由原数额减少至新数额，请债权人自公告之日起四十五日内向本公司提出清偿债务或者提供相应担保的要求。

注销公告：某某有限公司经股东决定拟注销，已成立清算组，请债权人自本公告发布之日起四十五日内向清算组申报债权，逾期视为放弃。

某某仲裁委员会公告：本会受理的合同纠纷仲裁案，现依法向被申请人公告送达仲裁申请书副本、仲裁通知书、仲裁规则及仲裁员名册，逾期将依法缺席仲裁。

拍卖公告：受委托，将对涉诉资产进行公开拍卖，有意竞买者请于规定时间内到指定地点办理竞买登记手续，详情请咨询拍卖机构。

某某仲裁委员会

遗失声明：某某遗失出生医学证明一份，编号见原件，声明作废。某某公司遗失开户许可证及发票专用章，特此声明作废。

减资公告：某某有限公司经股东会决议，注册资本由原数额减少至新数额，请债权人自公告之日起四十五日内向本公司提出清偿债务或者提供相应担保的要求。

注销公告：某某有限公司经股东决定拟注销，已成立清算组，请债权人自本公告发布之日起四十五日内向清算组申报债权，逾期视为放弃。

某某仲裁委员会公告：本会受理的合同纠纷仲裁案，现依法向被申请人公告送达仲裁申请书副本、仲裁通知书、仲裁规则及仲裁员名册，逾期将依法缺席仲裁。

拍卖公告：受委托，将对涉诉资产进行公开拍卖，有意竞买者请于规定时间内到指定地点办理竞买登记手续，详情请咨询拍卖机构。

某某仲裁委员会

遗失声明：某某遗失出生医学证明一份，编号见原件，声明作废。某某公司遗失开户许可证及发票专用章，特此声明作废。

减资公告：某某有限公司经股东会决议，注册资本由原数额减少至新数额，请债权人自公告之日起四十五日内向本公司提出清偿债务或者提供相应担保的要求。

注销公告：某某有限公司经股东决定拟注销，已成立清算组，请债权人自本公告发布之日起四十五日内向清算组申报债权，逾期视为放弃。

某某仲裁委员会公告：本会受理的合同纠纷仲裁案，现依法向被申请人公告送达仲裁申请书副本、仲裁通知书、仲裁规则及仲裁员名册，逾期将依法缺席仲裁。

拍卖公告：受委托，将对涉诉资产进行公开拍卖，有意竞买者请于规定时间内到指定地点办理竞买登记手续，详情请咨询拍卖机构。

某某仲裁委员会

遗失声明：某某遗失出生医学证明一份，编号见原件，声明作废。某某公司遗失开户许可证及发票专用章，特此声明作废。

减资公告：某某有限公司经股东会决议，注册资本由原数额减少至新数额，请债权人自公告之日起四十五日内向本公司提出清偿债务或者提供相应担保的要求。

注销公告：某某有限公司经股东决定拟注销，已成立清算组，请债权人自本公告发布之日起四十五日内向清算组申报债权，逾期视为放弃。

某某仲裁委员会公告：本会受理的合同纠纷仲裁案，现依法向被申请人公告送达仲裁申请书副本、仲裁通知书、仲裁规则及仲裁员名册，逾期将依法缺席仲裁。

拍卖公告：受委托，将对涉诉资产进行公开拍卖，有意竞买者请于规定时间内到指定地点办理竞买登记手续，详情请咨询拍卖机构。

某某仲裁委员会

遗失声明：某某遗失出生医学证明一份，编号见原件，声明作废。某某公司遗失开户许可证及发票专用章，特此声明作废。

减资公告：某某有限公司经股东会决议，注册资本由原数额减少至新数额，请债权人自公告之日起四十五日内向本公司提出清偿债务或者提供相应担保的要求。

注销公告：某某有限公司经股东决定拟注销，已成立清算组，请债权人自本公告发布之日起四十五日内向清算组申报债权，逾期视为放弃。
